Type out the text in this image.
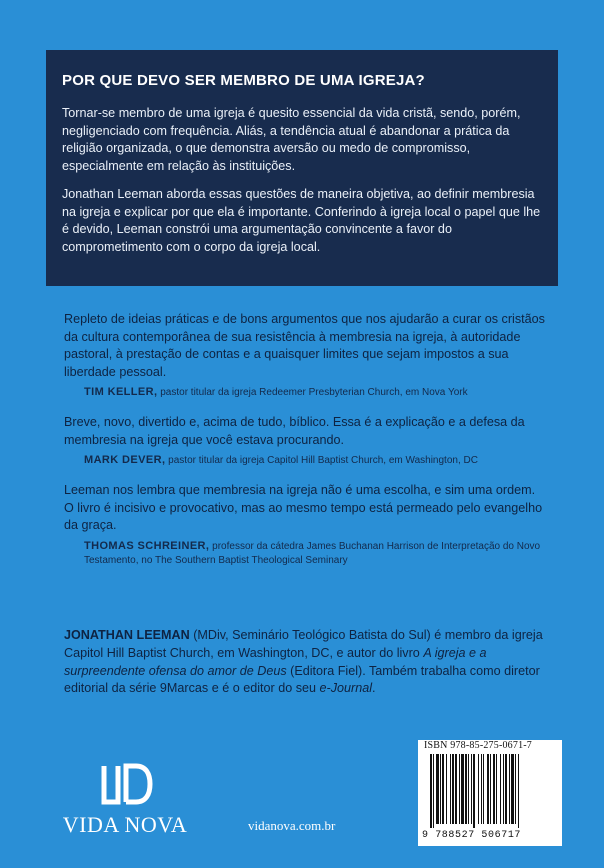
POR QUE DEVO SER MEMBRO DE UMA IGREJA?

Tornar-se membro de uma igreja é quesito essencial da vida cristã, sendo, porém, negligenciado com frequência. Aliás, a tendência atual é abandonar a prática da religião organizada, o que demonstra aversão ou medo de compromisso, especialmente em relação às instituições.

Jonathan Leeman aborda essas questões de maneira objetiva, ao definir membresia na igreja e explicar por que ela é importante. Conferindo à igreja local o papel que lhe é devido, Leeman constrói uma argumentação convincente a favor do comprometimento com o corpo da igreja local.

Repleto de ideias práticas e de bons argumentos que nos ajudarão a curar os cristãos da cultura contemporânea de sua resistência à membresia na igreja, à autoridade pastoral, à prestação de contas e a quaisquer limites que sejam impostos a sua liberdade pessoal.

TIM KELLER, pastor titular da igreja Redeemer Presbyterian Church, em Nova York

Breve, novo, divertido e, acima de tudo, bíblico. Essa é a explicação e a defesa da membresia na igreja que você estava procurando.

MARK DEVER, pastor titular da igreja Capitol Hill Baptist Church, em Washington, DC

Leeman nos lembra que membresia na igreja não é uma escolha, e sim uma ordem. O livro é incisivo e provocativo, mas ao mesmo tempo está permeado pelo evangelho da graça.

THOMAS SCHREINER, professor da cátedra James Buchanan Harrison de Interpretação do Novo Testamento, no The Southern Baptist Theological Seminary
JONATHAN LEEMAN (MDiv, Seminário Teológico Batista do Sul) é membro da igreja Capitol Hill Baptist Church, em Washington, DC, e autor do livro A igreja e a surpreendente ofensa do amor de Deus (Editora Fiel). Também trabalha como diretor editorial da série 9Marcas e é o editor do seu e-Journal.
VIDA NOVA	vidanova.com.br
ISBN 978-85-275-0671-7
9 788527 506717
